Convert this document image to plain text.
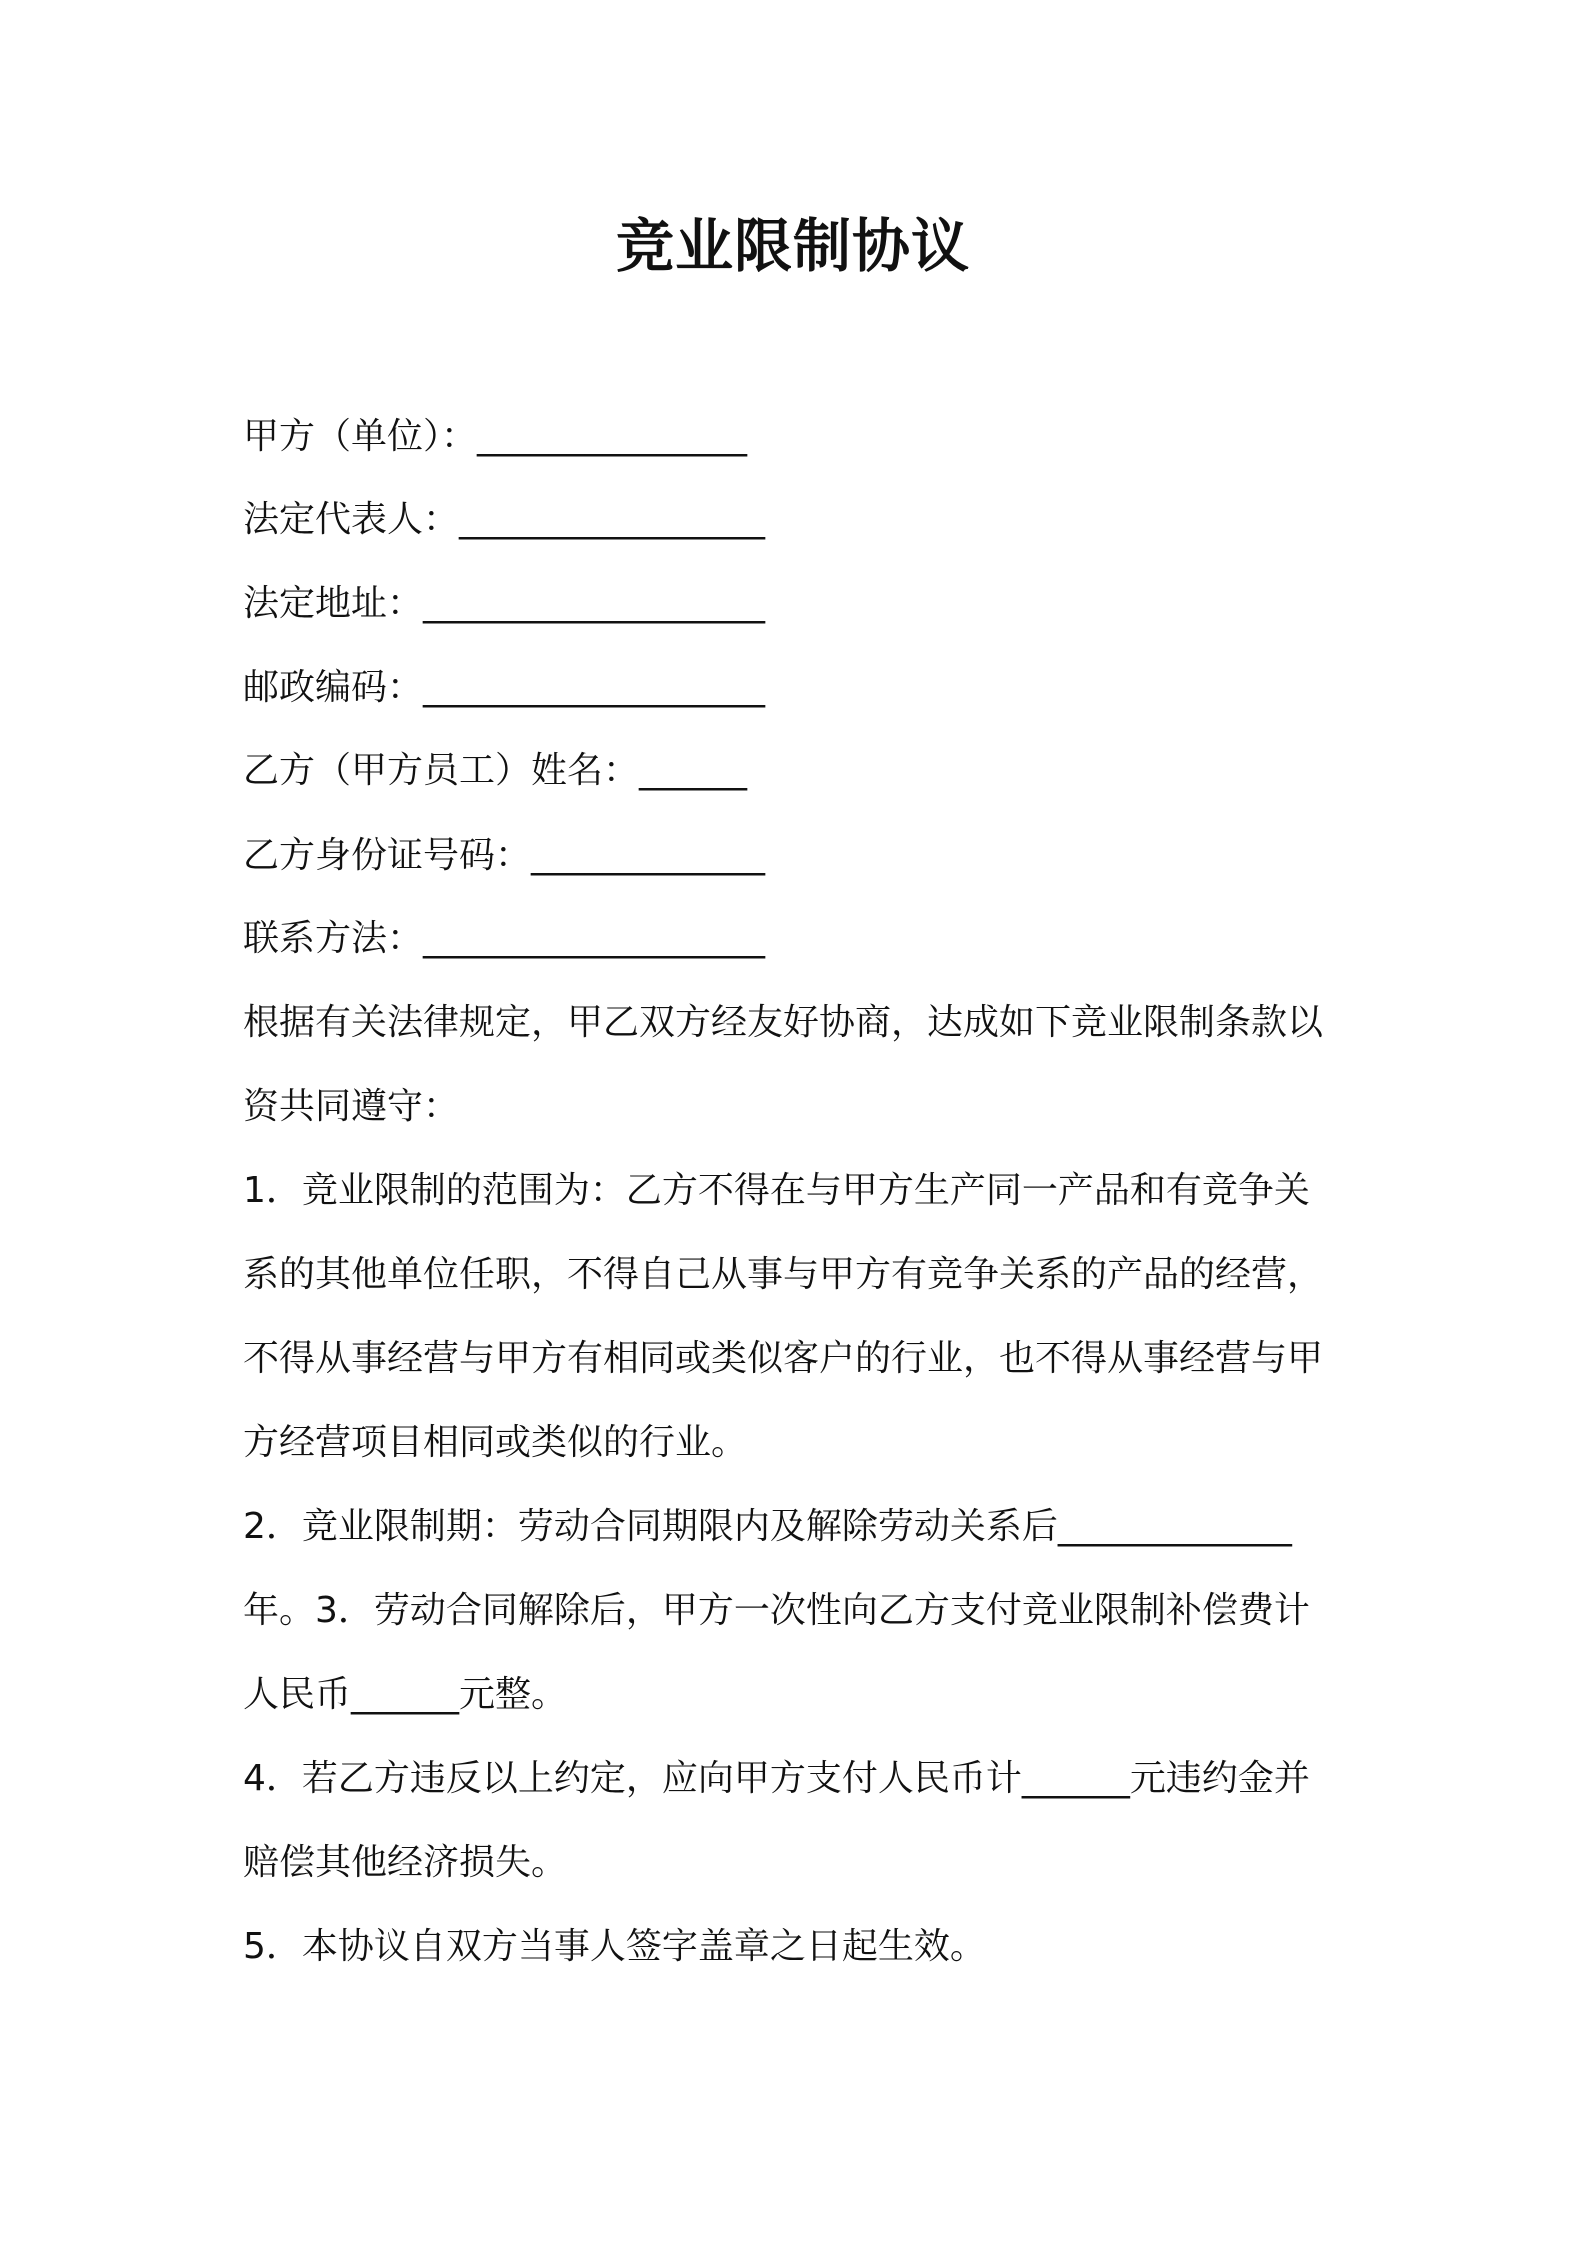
竞业限制协议
甲方（单位）：_______________
法定代表人：_________________
法定地址：___________________
邮政编码：___________________
乙方（甲方员工）姓名：______
乙方身份证号码：_____________
联系方法：___________________
根据有关法律规定，甲乙双方经友好协商，达成如下竞业限制条款以
资共同遵守：
1．竞业限制的范围为：乙方不得在与甲方生产同一产品和有竞争关
系的其他单位任职，不得自己从事与甲方有竞争关系的产品的经营，
不得从事经营与甲方有相同或类似客户的行业，也不得从事经营与甲
方经营项目相同或类似的行业。
2．竞业限制期：劳动合同期限内及解除劳动关系后_____________
年。3．劳动合同解除后，甲方一次性向乙方支付竞业限制补偿费计
人民币______元整。
4．若乙方违反以上约定，应向甲方支付人民币计______元违约金并
赔偿其他经济损失。
5．本协议自双方当事人签字盖章之日起生效。
